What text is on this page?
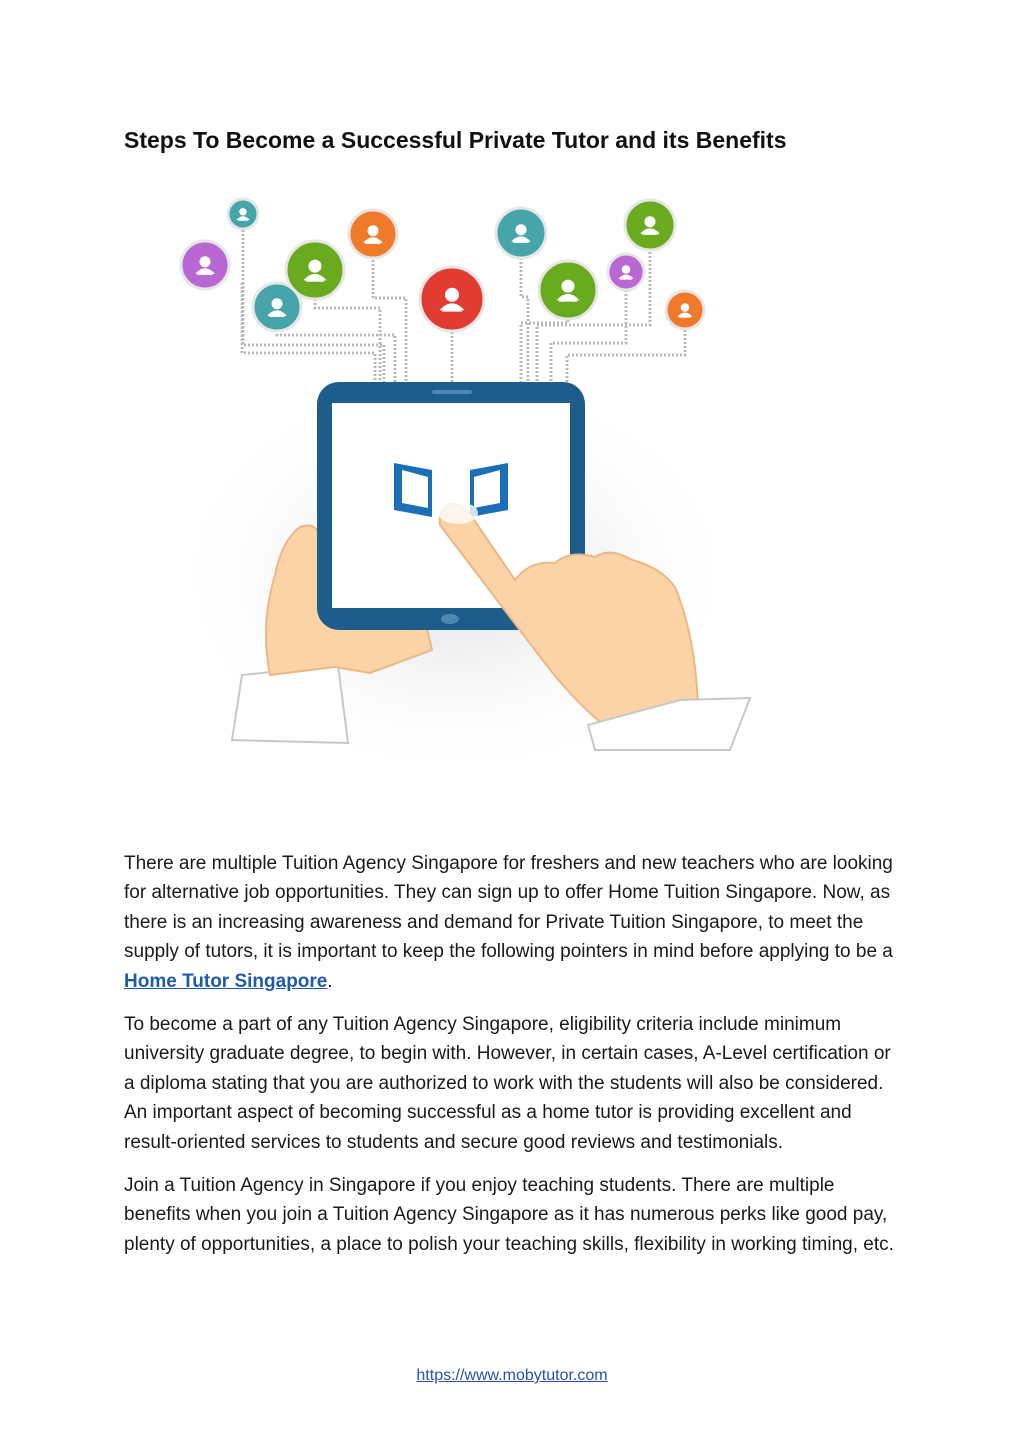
Steps To Become a Successful Private Tutor and its Benefits

There are multiple Tuition Agency Singapore for freshers and new teachers who are looking for alternative job opportunities. They can sign up to offer Home Tuition Singapore. Now, as there is an increasing awareness and demand for Private Tuition Singapore, to meet the supply of tutors, it is important to keep the following pointers in mind before applying to be a Home Tutor Singapore.

To become a part of any Tuition Agency Singapore, eligibility criteria include minimum university graduate degree, to begin with. However, in certain cases, A-Level certification or a diploma stating that you are authorized to work with the students will also be considered. An important aspect of becoming successful as a home tutor is providing excellent and result-oriented services to students and secure good reviews and testimonials.

Join a Tuition Agency in Singapore if you enjoy teaching students. There are multiple benefits when you join a Tuition Agency Singapore as it has numerous perks like good pay, plenty of opportunities, a place to polish your teaching skills, flexibility in working timing, etc.

https://www.mobytutor.com
